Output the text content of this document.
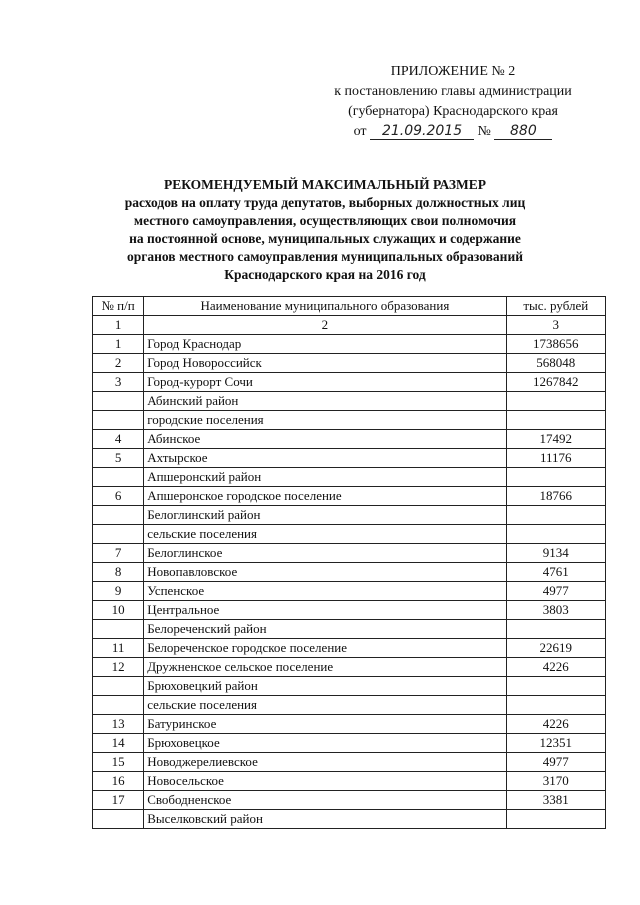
ПРИЛОЖЕНИЕ № 2
к постановлению главы администрации
(губернатора) Краснодарского края
от 21.09.2015 № 880
РЕКОМЕНДУЕМЫЙ МАКСИМАЛЬНЫЙ РАЗМЕР
расходов на оплату труда депутатов, выборных должностных лиц
местного самоуправления, осуществляющих свои полномочия
на постоянной основе, муниципальных служащих и содержание
органов местного самоуправления муниципальных образований
Краснодарского края на 2016 год
№ п/п	Наименование муниципального образования	тыс. рублей
1	2	3
1	Город Краснодар	1738656
2	Город Новороссийск	568048
3	Город-курорт Сочи	1267842
	Абинский район	
	городские поселения	
4	Абинское	17492
5	Ахтырское	11176
	Апшеронский район	
6	Апшеронское городское поселение	18766
	Белоглинский район	
	сельские поселения	
7	Белоглинское	9134
8	Новопавловское	4761
9	Успенское	4977
10	Центральное	3803
	Белореченский район	
11	Белореченское городское поселение	22619
12	Дружненское сельское поселение	4226
	Брюховецкий район	
	сельские поселения	
13	Батуринское	4226
14	Брюховецкое	12351
15	Новоджерелиевское	4977
16	Новосельское	3170
17	Свободненское	3381
	Выселковский район	
